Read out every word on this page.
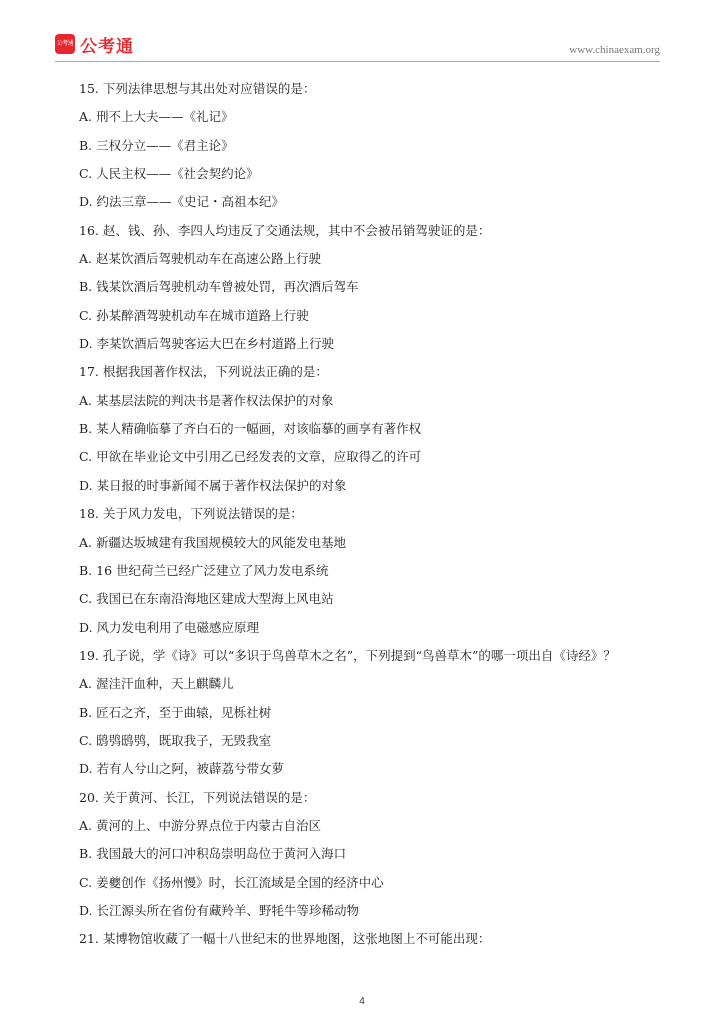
公考通 公考通	www.chinaexam.org
15. 下列法律思想与其出处对应错误的是：
A. 刑不上大夫——《礼记》
B. 三权分立——《君主论》
C. 人民主权——《社会契约论》
D. 约法三章——《史记・高祖本纪》
16. 赵、钱、孙、李四人均违反了交通法规，其中不会被吊销驾驶证的是：
A. 赵某饮酒后驾驶机动车在高速公路上行驶
B. 钱某饮酒后驾驶机动车曾被处罚，再次酒后驾车
C. 孙某醉酒驾驶机动车在城市道路上行驶
D. 李某饮酒后驾驶客运大巴在乡村道路上行驶
17. 根据我国著作权法，下列说法正确的是：
A. 某基层法院的判决书是著作权法保护的对象
B. 某人精确临摹了齐白石的一幅画，对该临摹的画享有著作权
C. 甲欲在毕业论文中引用乙已经发表的文章，应取得乙的许可
D. 某日报的时事新闻不属于著作权法保护的对象
18. 关于风力发电，下列说法错误的是：
A. 新疆达坂城建有我国规模较大的风能发电基地
B. 16 世纪荷兰已经广泛建立了风力发电系统
C. 我国已在东南沿海地区建成大型海上风电站
D. 风力发电利用了电磁感应原理
19. 孔子说，学《诗》可以“多识于鸟兽草木之名”，下列提到“鸟兽草木”的哪一项出自《诗经》？
A. 渥洼汗血种，天上麒麟儿
B. 匠石之齐，至于曲辕，见栎社树
C. 鸱鸮鸱鸮，既取我子，无毁我室
D. 若有人兮山之阿，被薜荔兮带女萝
20. 关于黄河、长江，下列说法错误的是：
A. 黄河的上、中游分界点位于内蒙古自治区
B. 我国最大的河口冲积岛崇明岛位于黄河入海口
C. 姜夔创作《扬州慢》时，长江流域是全国的经济中心
D. 长江源头所在省份有藏羚羊、野牦牛等珍稀动物
21. 某博物馆收藏了一幅十八世纪末的世界地图，这张地图上不可能出现：
4
